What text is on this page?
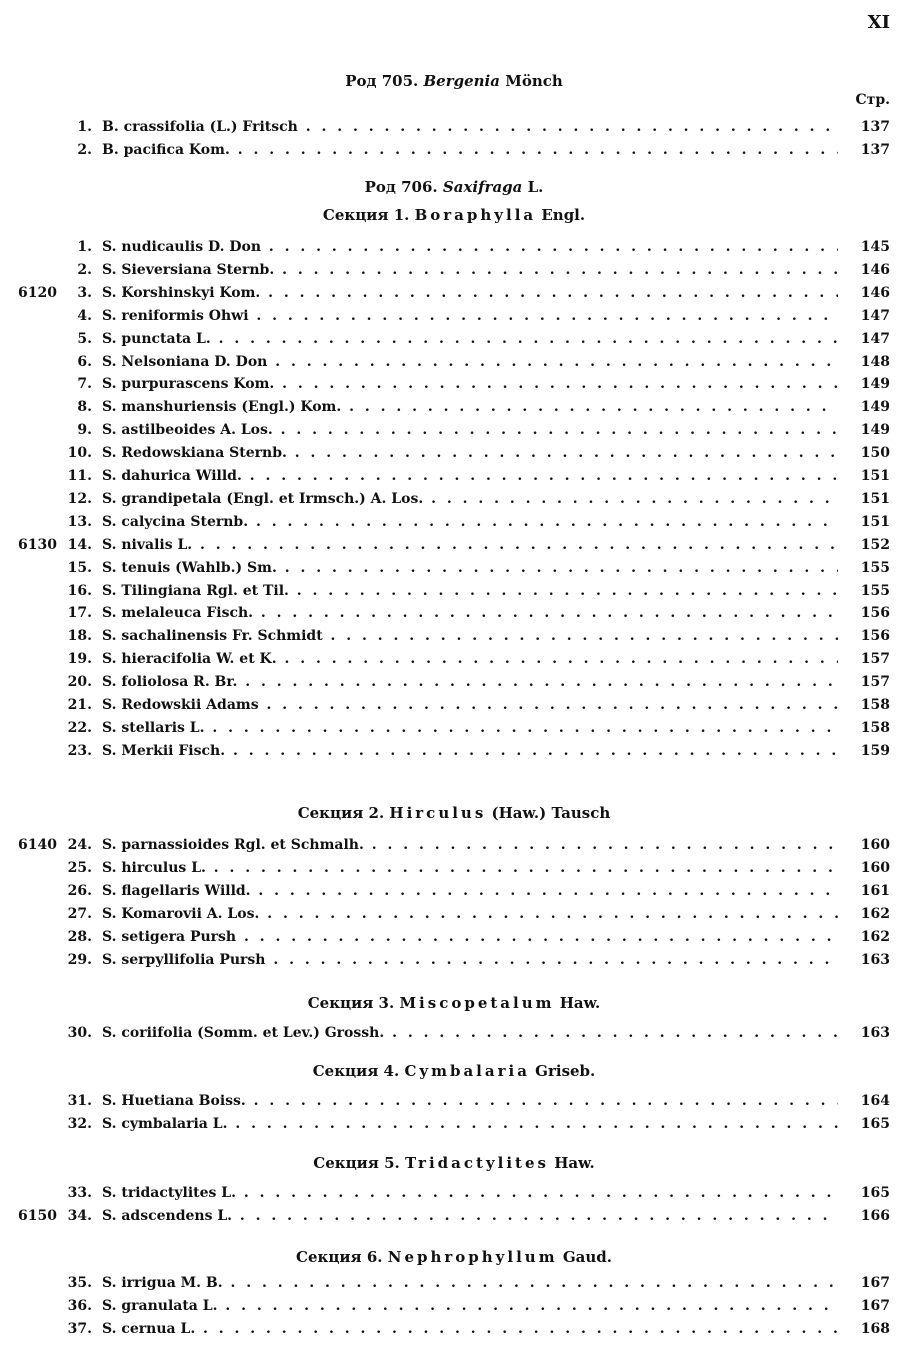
XI
Род 705. Bergenia Mönch
Стр.
1. B. crassifolia (L.) Fritsch . . .	137
2. B. pacifica Kom. . . .	137
Род 706. Saxifraga L.
Секция 1. Boraphylla Engl.
1. S. nudicaulis D. Don . . .	145
2. S. Sieversiana Sternb. . . .	146
6120	3. S. Korshinskyi Kom. . . .	146
4. S. reniformis Ohwi . . .	147
5. S. punctata L. . . .	147
6. S. Nelsoniana D. Don . . .	148
7. S. purpurascens Kom. . . .	149
8. S. manshuriensis (Engl.) Kom. . . .	149
9. S. astilbeoides A. Los. . . .	149
10. S. Redowskiana Sternb. . . .	150
11. S. dahurica Willd. . . .	151
12. S. grandipetala (Engl. et Irmsch.) A. Los. . . .	151
13. S. calycina Sternb. . . .	151
6130 14. S. nivalis L. . . .	152
15. S. tenuis (Wahlb.) Sm. . . .	155
16. S. Tilingiana Rgl. et Til. . . .	155
17. S. melaleuca Fisch. . . .	156
18. S. sachalinensis Fr. Schmidt . . .	156
19. S. hieracifolia W. et K. . . .	157
20. S. foliolosa R. Br. . . .	157
21. S. Redowskii Adams . . .	158
22. S. stellaris L. . . .	158
23. S. Merkii Fisch. . . .	159
Секция 2. Hirculus (Haw.) Tausch
6140 24. S. parnassioides Rgl. et Schmalh. . . .	160
25. S. hirculus L. . . .	160
26. S. flagellaris Willd. . . .	161
27. S. Komarovii A. Los. . . .	162
28. S. setigera Pursh . . .	162
29. S. serpyllifolia Pursh . . .	163
Секция 3. Miscopetalum Haw.
30. S. coriifolia (Somm. et Lev.) Grossh. . . .	163
Секция 4. Cymbalaria Griseb.
31. S. Huetiana Boiss. . . .	164
32. S. cymbalaria L. . . .	165
Секция 5. Tridactylites Haw.
33. S. tridactylites L. . . .	165
6150 34. S. adscendens L. . . .	166
Секция 6. Nephrophyllum Gaud.
35. S. irrigua M. B. . . .	167
36. S. granulata L. . . .	167
37. S. cernua L. . . .	168
